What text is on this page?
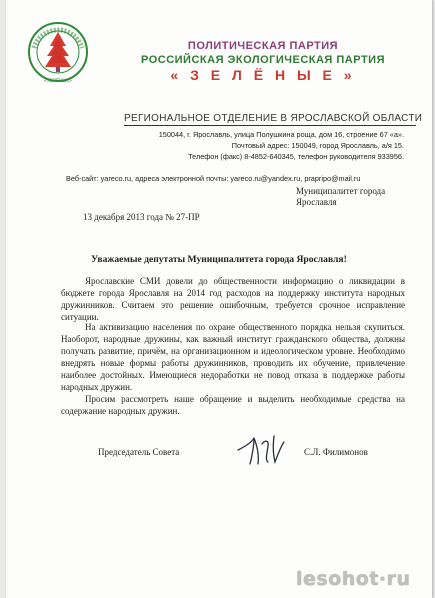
«ЗЕЛЁНЫЕ»
ПОЛИТИЧЕСКАЯ ПАРТИЯ
РОССИЙСКАЯ ЭКОЛОГИЧЕСКАЯ ПАРТИЯ
« З Е Л Ё Н Ы Е »
РЕГИОНАЛЬНОЕ ОТДЕЛЕНИЕ В ЯРОСЛАВСКОЙ ОБЛАСТИ
150044, г. Ярославль, улица Полушкина роща, дом 16, строение 67 «а».
Почтовый адрес: 150049, город Ярославль, а/я 15.
Телефон (факс) 8-4852-640345, телефон руководителя 933956.
Веб-сайт: yareco.ru, адреса электронной почты: yareco.ru@yandex.ru, prapripo@mail.ru
Муниципалитет города
Ярославля
13 декабря 2013 года № 27-ПР
Уважаемые депутаты Муниципалитета города Ярославля!
Ярославские СМИ довели до общественности информацию о ликвидации в бюджете города Ярославля на 2014 год расходов на поддержку института народных дружинников. Считаем это решение ошибочным, требуется срочное исправление ситуации.
На активизацию населения по охране общественного порядка нельзя скупиться. Наоборот, народные дружины, как важный институт гражданского общества, должны получать развитие, причём, на организационном и идеологическом уровне. Необходимо внедрять новые формы работы дружинников, проводить их обучение, привлечение наиболее достойных. Имеющиеся недоработки не повод отказа в поддержке работы народных дружин.
Просим рассмотреть наше обращение и выделить необходимые средства на содержание народных дружин.
Председатель Совета	С.Л. Филимонов
lesohot·ru
